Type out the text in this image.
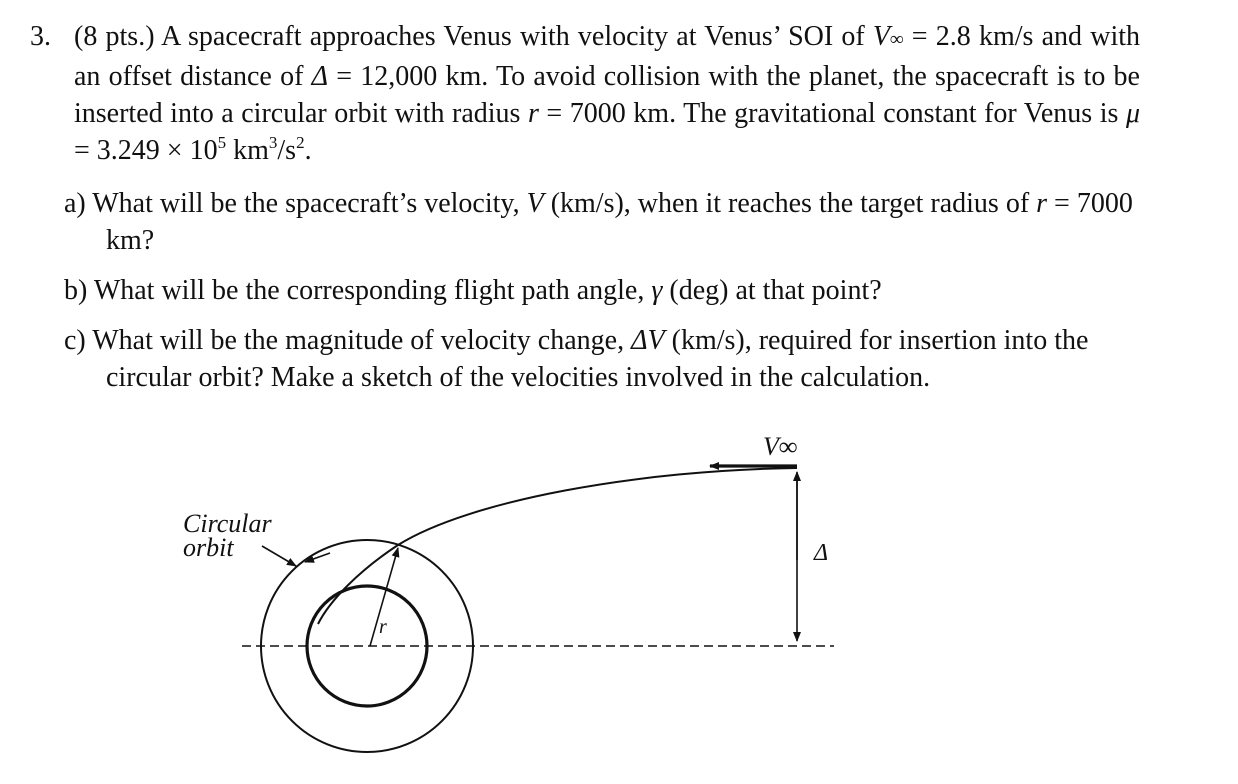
3. (8 pts.) A spacecraft approaches Venus with velocity at Venus’ SOI of V∞ = 2.8 km/s and with an offset distance of Δ = 12,000 km. To avoid collision with the planet, the spacecraft is to be inserted into a circular orbit with radius r = 7000 km. The gravitational constant for Venus is $\mu = 3.249 \times 10^5$ $km^3/s^2$.
a) What will be the spacecraft’s velocity, V (km/s), when it reaches the target radius of r = 7000 km?
b) What will be the corresponding flight path angle, γ (deg) at that point?
c) What will be the magnitude of velocity change, ΔV (km/s), required for insertion into the circular orbit? Make a sketch of the velocities involved in the calculation.
Circular
orbit
V∞
Δ
r
